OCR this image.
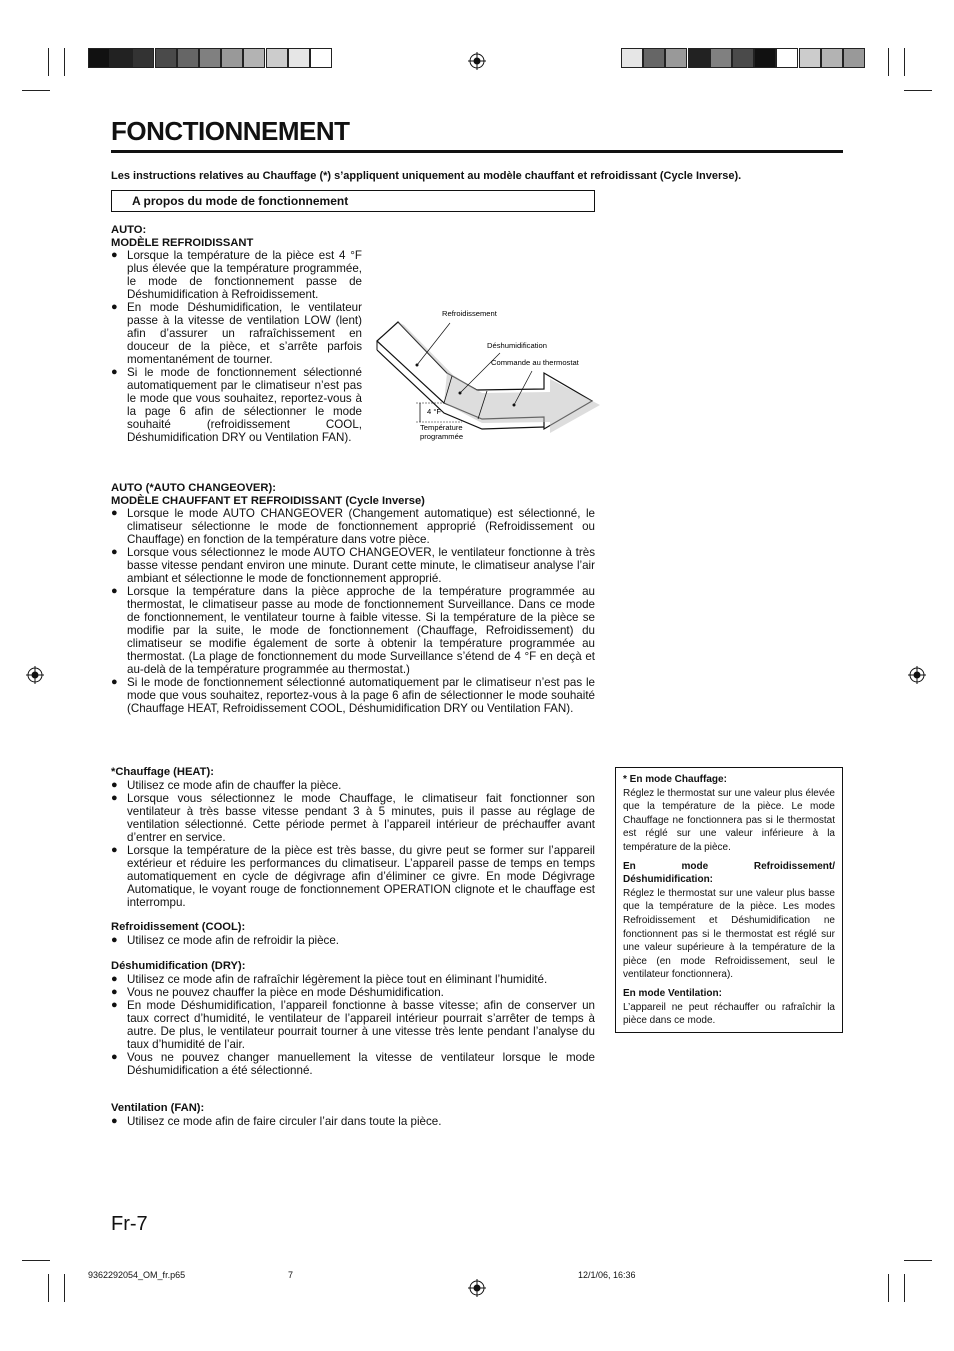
FONCTIONNEMENT
Les instructions relatives au Chauffage (*) s’appliquent uniquement au modèle chauffant et refroidissant (Cycle Inverse).
A propos du mode de fonctionnement
AUTO:
MODÈLE REFROIDISSANT
● Lorsque la température de la pièce est 4 °F plus élevée que la température programmée, le mode de fonctionnement passe de Déshumidification à Refroidissement.
● En mode Déshumidification, le ventilateur passe à la vitesse de ventilation LOW (lent) afin d’assurer un rafraîchissement en douceur de la pièce, et s’arrête parfois momentanément de tourner.
● Si le mode de fonctionnement sélectionné automatiquement par le climatiseur n’est pas le mode que vous souhaitez, reportez-vous à la page 6 afin de sélectionner le mode souhaité (refroidissement COOL, Déshumidification DRY ou Ventilation FAN).
Refroidissement
Déshumidification
Commande au thermostat
4 °F
Température
programmée
AUTO (*AUTO CHANGEOVER):
MODÈLE CHAUFFANT ET REFROIDISSANT (Cycle Inverse)
● Lorsque le mode AUTO CHANGEOVER (Changement automatique) est sélectionné, le climatiseur sélectionne le mode de fonctionnement approprié (Refroidissement ou Chauffage) en fonction de la température dans votre pièce.
● Lorsque vous sélectionnez le mode AUTO CHANGEOVER, le ventilateur fonctionne à très basse vitesse pendant environ une minute. Durant cette minute, le climatiseur analyse l’air ambiant et sélectionne le mode de fonctionnement approprié.
● Lorsque la température dans la pièce approche de la température programmée au thermostat, le climatiseur passe au mode de fonctionnement Surveillance. Dans ce mode de fonctionnement, le ventilateur tourne à faible vitesse. Si la température de la pièce se modifie par la suite, le mode de fonctionnement (Chauffage, Refroidissement) du climatiseur se modifie également de sorte à obtenir la température programmée au thermostat. (La plage de fonctionnement du mode Surveillance s’étend de 4 °F en deçà et au-delà de la température programmée au thermostat.)
● Si le mode de fonctionnement sélectionné automatiquement par le climatiseur n’est pas le mode que vous souhaitez, reportez-vous à la page 6 afin de sélectionner le mode souhaité (Chauffage HEAT, Refroidissement COOL, Déshumidification DRY ou Ventilation FAN).
*Chauffage (HEAT):
● Utilisez ce mode afin de chauffer la pièce.
● Lorsque vous sélectionnez le mode Chauffage, le climatiseur fait fonctionner son ventilateur à très basse vitesse pendant 3 à 5 minutes, puis il passe au réglage de ventilation sélectionné. Cette période permet à l’appareil intérieur de préchauffer avant d’entrer en service.
● Lorsque la température de la pièce est très basse, du givre peut se former sur l’appareil extérieur et réduire les performances du climatiseur. L’appareil passe de temps en temps automatiquement en cycle de dégivrage afin d’éliminer ce givre. En mode Dégivrage Automatique, le voyant rouge de fonctionnement OPERATION clignote et le chauffage est interrompu.
Refroidissement (COOL):
● Utilisez ce mode afin de refroidir la pièce.
Déshumidification (DRY):
● Utilisez ce mode afin de rafraîchir légèrement la pièce tout en éliminant l’humidité.
● Vous ne pouvez chauffer la pièce en mode Déshumidification.
● En mode Déshumidification, l’appareil fonctionne à basse vitesse; afin de conserver un taux correct d’humidité, le ventilateur de l’appareil intérieur pourrait s’arrêter de temps à autre. De plus, le ventilateur pourrait tourner à une vitesse très lente pendant l’analyse du taux d’humidité de l’air.
● Vous ne pouvez changer manuellement la vitesse de ventilateur lorsque le mode Déshumidification a été sélectionné.
Ventilation (FAN):
● Utilisez ce mode afin de faire circuler l’air dans toute la pièce.
* En mode Chauffage:

Réglez le thermostat sur une valeur plus élevée que la température de la pièce. Le mode Chauffage ne fonctionnera pas si le thermostat est réglé sur une valeur inférieure à la température de la pièce.

En mode Refroidissement/ Déshumidification:

Réglez le thermostat sur une valeur plus basse que la température de la pièce. Les modes Refroidissement et Déshumidification ne fonctionnent pas si le thermostat est réglé sur une valeur supérieure à la température de la pièce (en mode Refroidissement, seul le ventilateur fonctionnera).

En mode Ventilation:

L’appareil ne peut réchauffer ou rafraîchir la pièce dans ce mode.

Fr-7
9362292054_OM_fr.p65	7	12/1/06, 16:36
